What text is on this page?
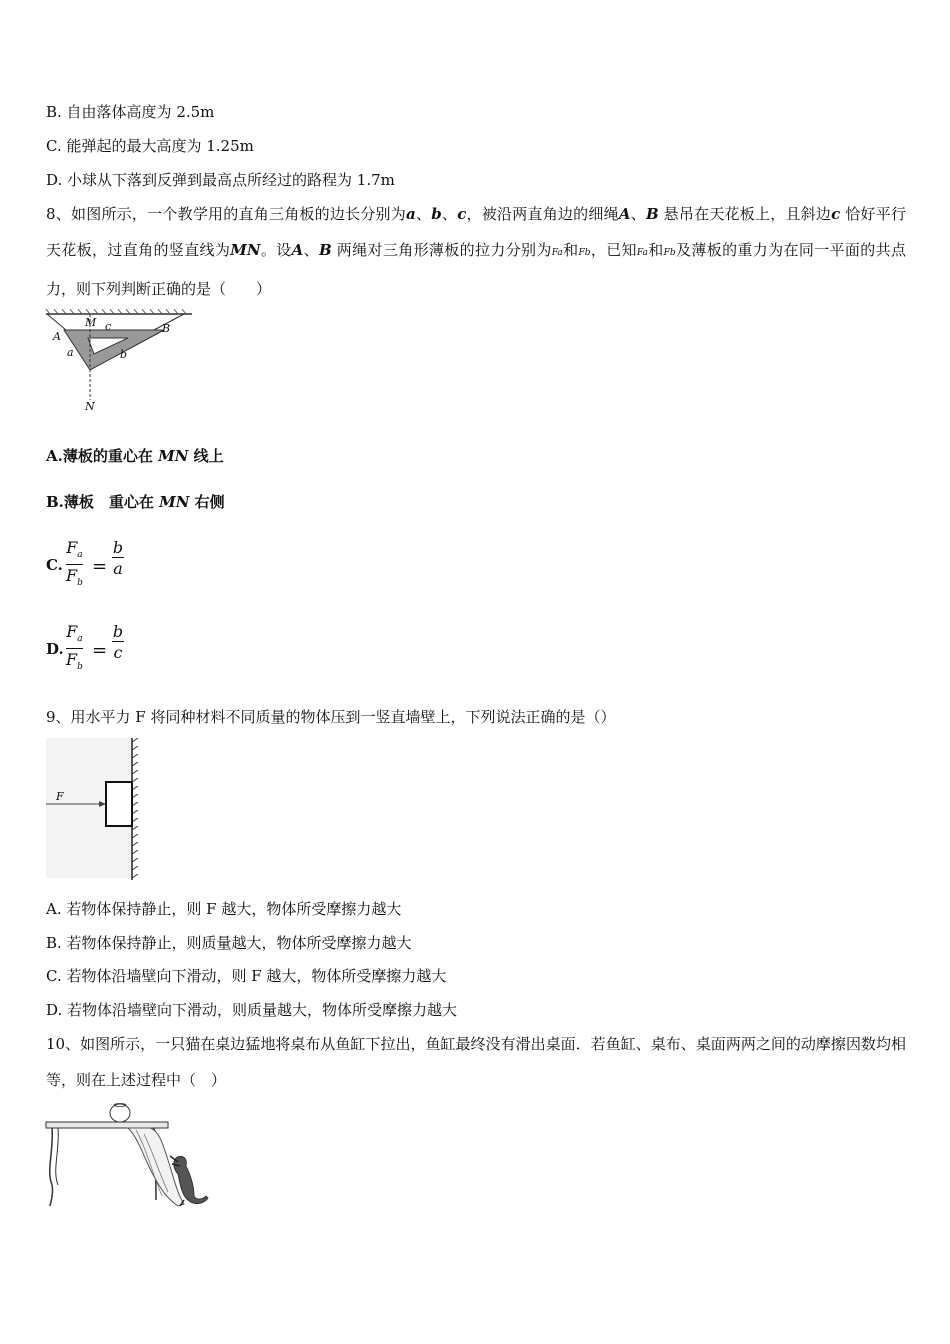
B. 自由落体高度为 2.5m
C. 能弹起的最大高度为 1.25m
D. 小球从下落到反弹到最高点所经过的路程为 1.7m
8、如图所示，一个教学用的直角三角板的边长分别为a、b、c，被沿两直角边的细绳A、B 悬吊在天花板上，且斜边c 恰好平行天花板，过直角的竖直线为MN。设A、B 两绳对三角形薄板的拉力分别为Fa和Fb，已知Fa和Fb及薄板的重力为在同一平面的共点力，则下列判断正确的是（　　）
M c	B
A
a	b
N
A.薄板的重心在 MN 线上
B.薄板　重心在 MN 右侧
C. $\frac{F_a}{F_b} = \frac{b}{a}$
D. $\frac{F_a}{F_b} = \frac{b}{c}$
9、用水平力 F 将同种材料不同质量的物体压到一竖直墙壁上，下列说法正确的是（）
F
A. 若物体保持静止，则 F 越大，物体所受摩擦力越大
B. 若物体保持静止，则质量越大，物体所受摩擦力越大
C. 若物体沿墙壁向下滑动，则 F 越大，物体所受摩擦力越大
D. 若物体沿墙壁向下滑动，则质量越大，物体所受摩擦力越大
10、如图所示，一只猫在桌边猛地将桌布从鱼缸下拉出，鱼缸最终没有滑出桌面．若鱼缸、桌布、桌面两两之间的动摩擦因数均相等，则在上述过程中（　）
